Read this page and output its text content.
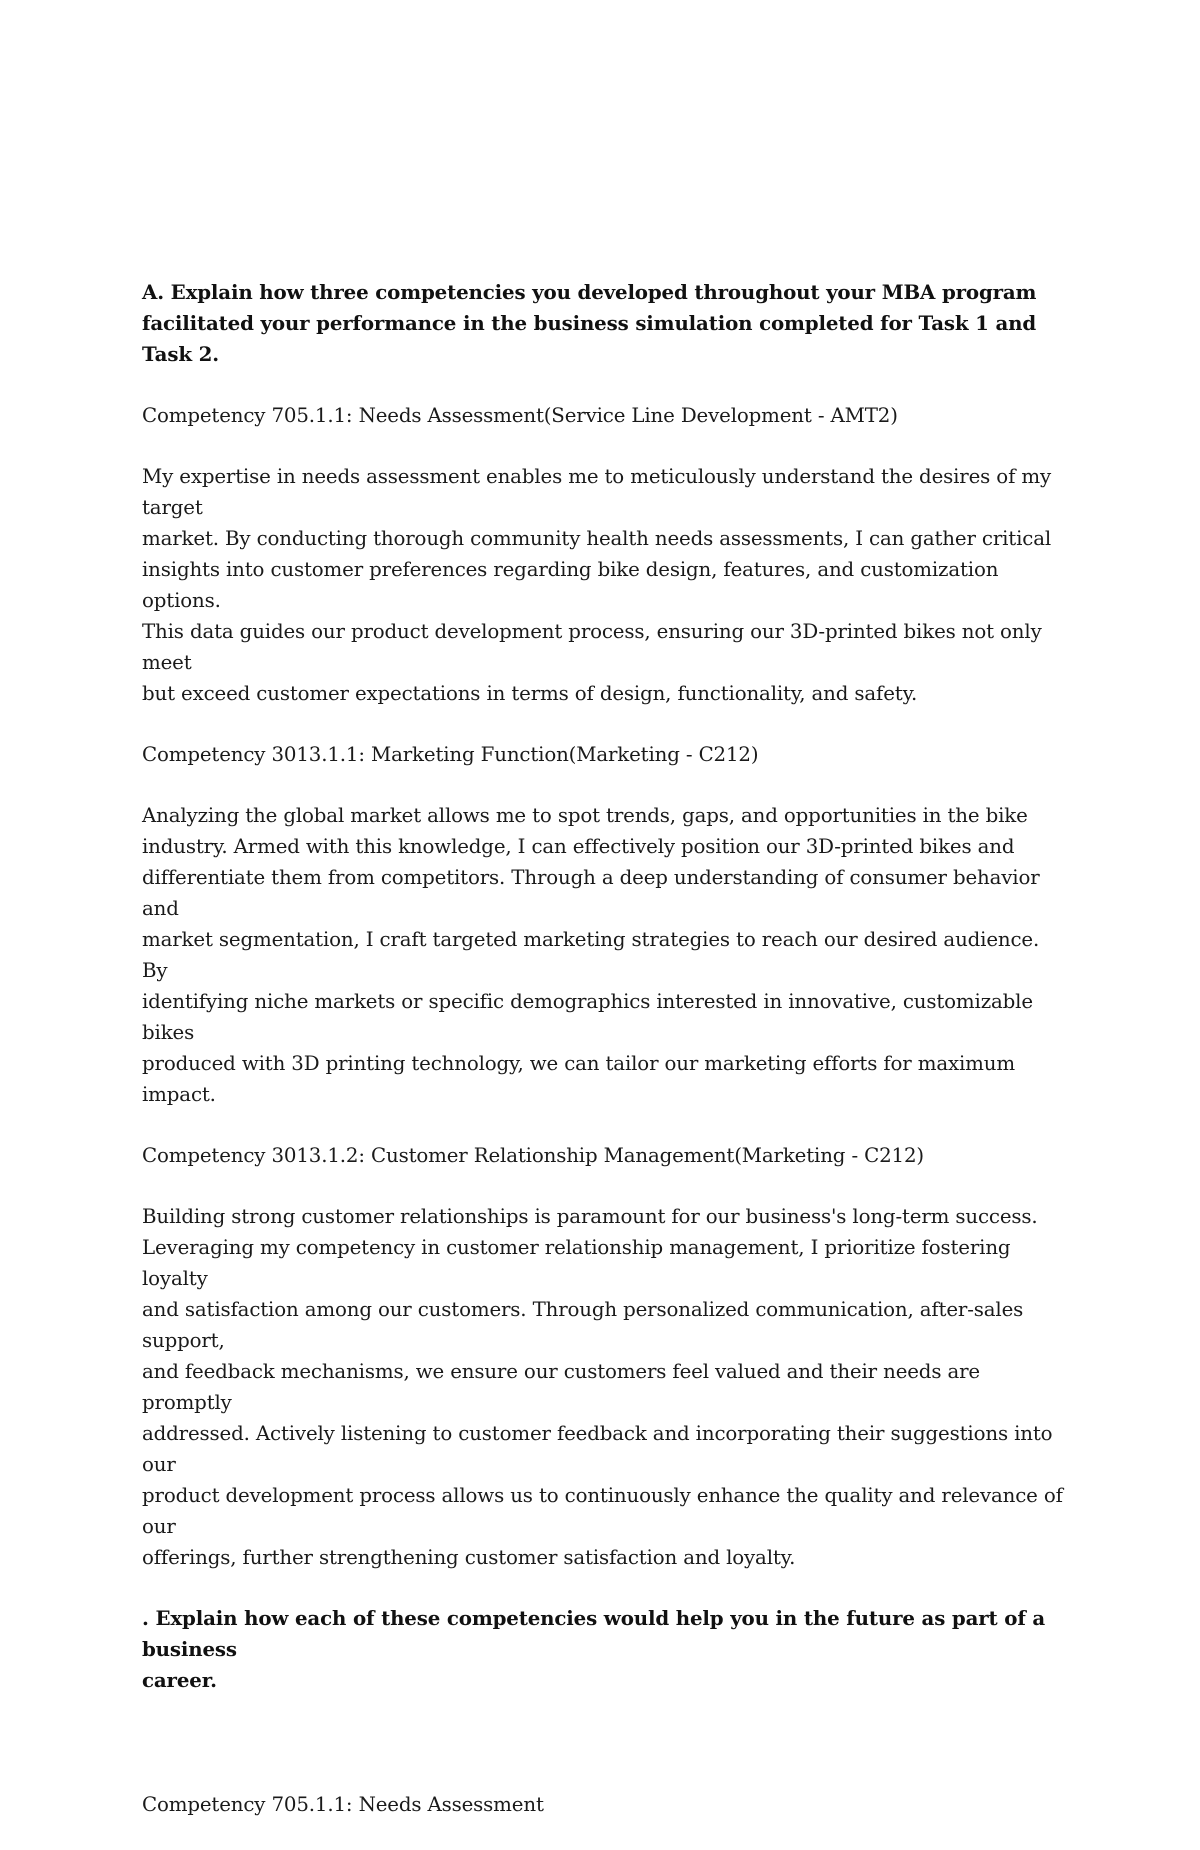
A. Explain how three competencies you developed throughout your MBA program
facilitated your performance in the business simulation completed for Task 1 and Task 2.

Competency 705.1.1: Needs Assessment(Service Line Development - AMT2)

My expertise in needs assessment enables me to meticulously understand the desires of my target
market. By conducting thorough community health needs assessments, I can gather critical
insights into customer preferences regarding bike design, features, and customization options.
This data guides our product development process, ensuring our 3D-printed bikes not only meet
but exceed customer expectations in terms of design, functionality, and safety.

Competency 3013.1.1: Marketing Function(Marketing - C212)

Analyzing the global market allows me to spot trends, gaps, and opportunities in the bike
industry. Armed with this knowledge, I can effectively position our 3D-printed bikes and
differentiate them from competitors. Through a deep understanding of consumer behavior and
market segmentation, I craft targeted marketing strategies to reach our desired audience. By
identifying niche markets or specific demographics interested in innovative, customizable bikes
produced with 3D printing technology, we can tailor our marketing efforts for maximum impact.

Competency 3013.1.2: Customer Relationship Management(Marketing - C212)

Building strong customer relationships is paramount for our business's long-term success.
Leveraging my competency in customer relationship management, I prioritize fostering loyalty
and satisfaction among our customers. Through personalized communication, after-sales support,
and feedback mechanisms, we ensure our customers feel valued and their needs are promptly
addressed. Actively listening to customer feedback and incorporating their suggestions into our
product development process allows us to continuously enhance the quality and relevance of our
offerings, further strengthening customer satisfaction and loyalty.

. Explain how each of these competencies would help you in the future as part of a business
career.

Competency 705.1.1: Needs Assessment
